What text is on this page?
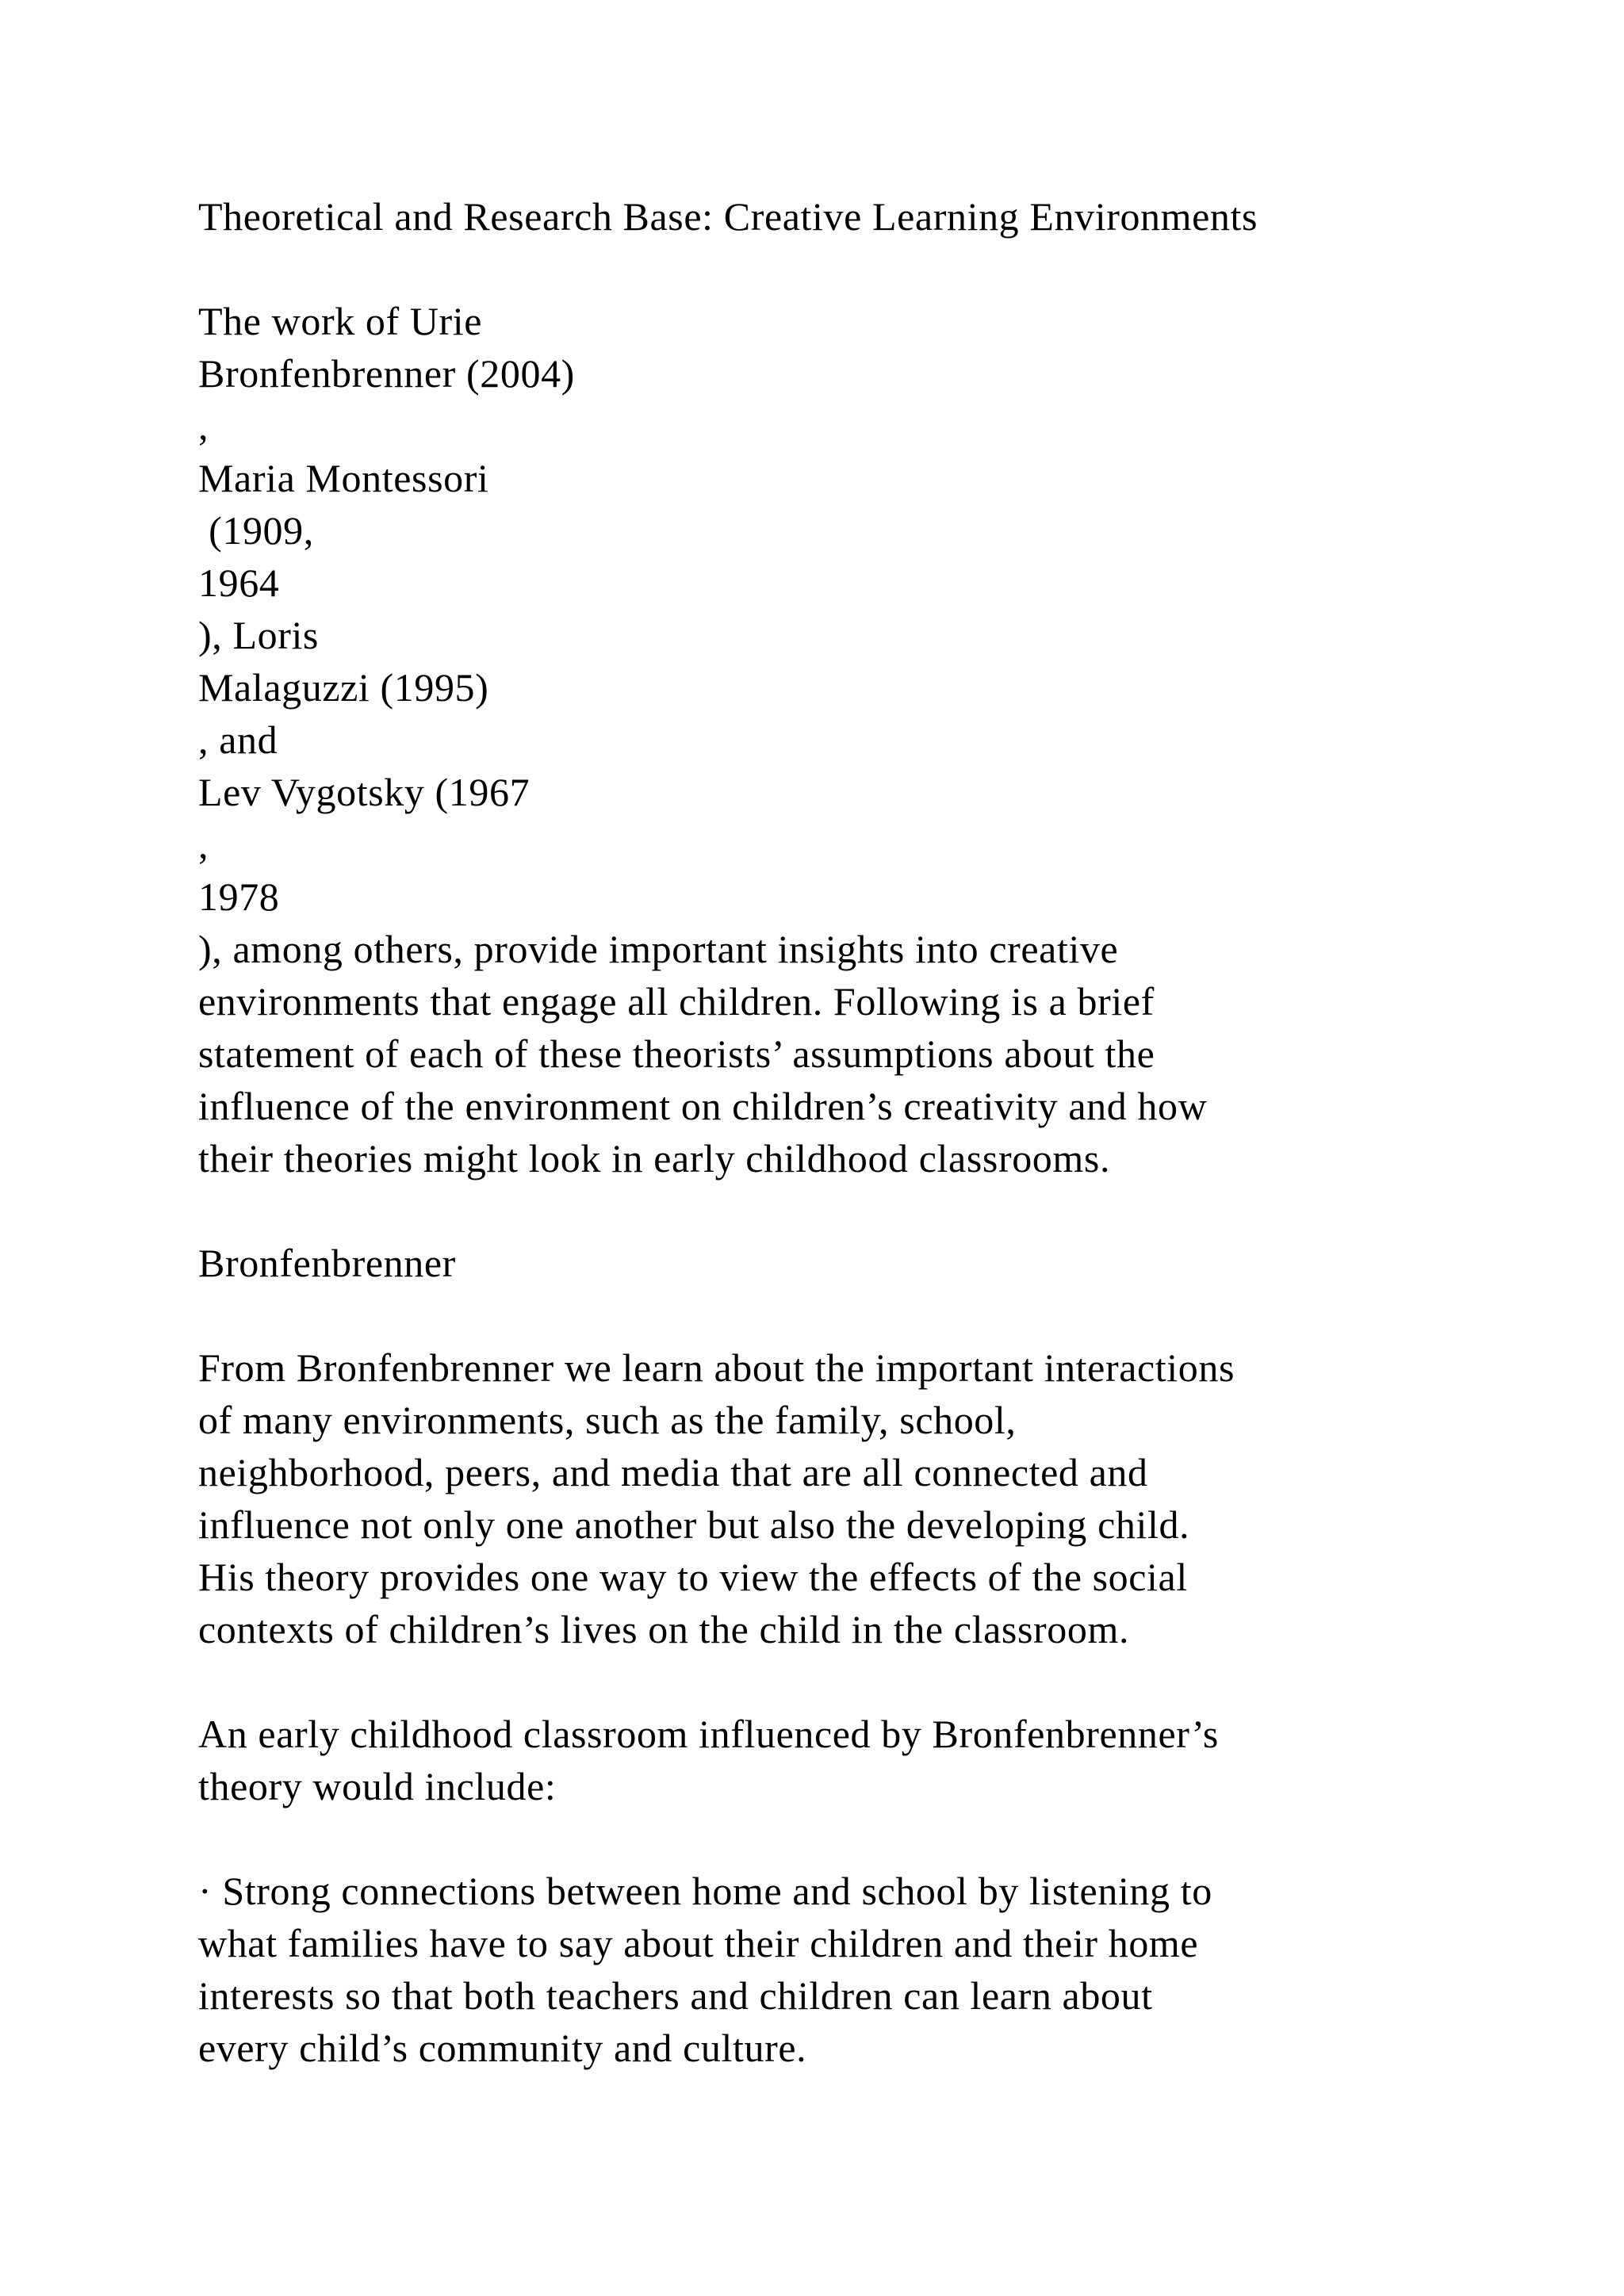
Theoretical and Research Base: Creative Learning Environments
The work of Urie
Bronfenbrenner (2004)
,
Maria Montessori
(1909,
1964
), Loris
Malaguzzi (1995)
, and
Lev Vygotsky (1967
,
1978
), among others, provide important insights into creative
environments that engage all children. Following is a brief
statement of each of these theorists’ assumptions about the
influence of the environment on children’s creativity and how
their theories might look in early childhood classrooms.
Bronfenbrenner
From Bronfenbrenner we learn about the important interactions
of many environments, such as the family, school,
neighborhood, peers, and media that are all connected and
influence not only one another but also the developing child.
His theory provides one way to view the effects of the social
contexts of children’s lives on the child in the classroom.
An early childhood classroom influenced by Bronfenbrenner’s
theory would include:
· Strong connections between home and school by listening to
what families have to say about their children and their home
interests so that both teachers and children can learn about
every child’s community and culture.
